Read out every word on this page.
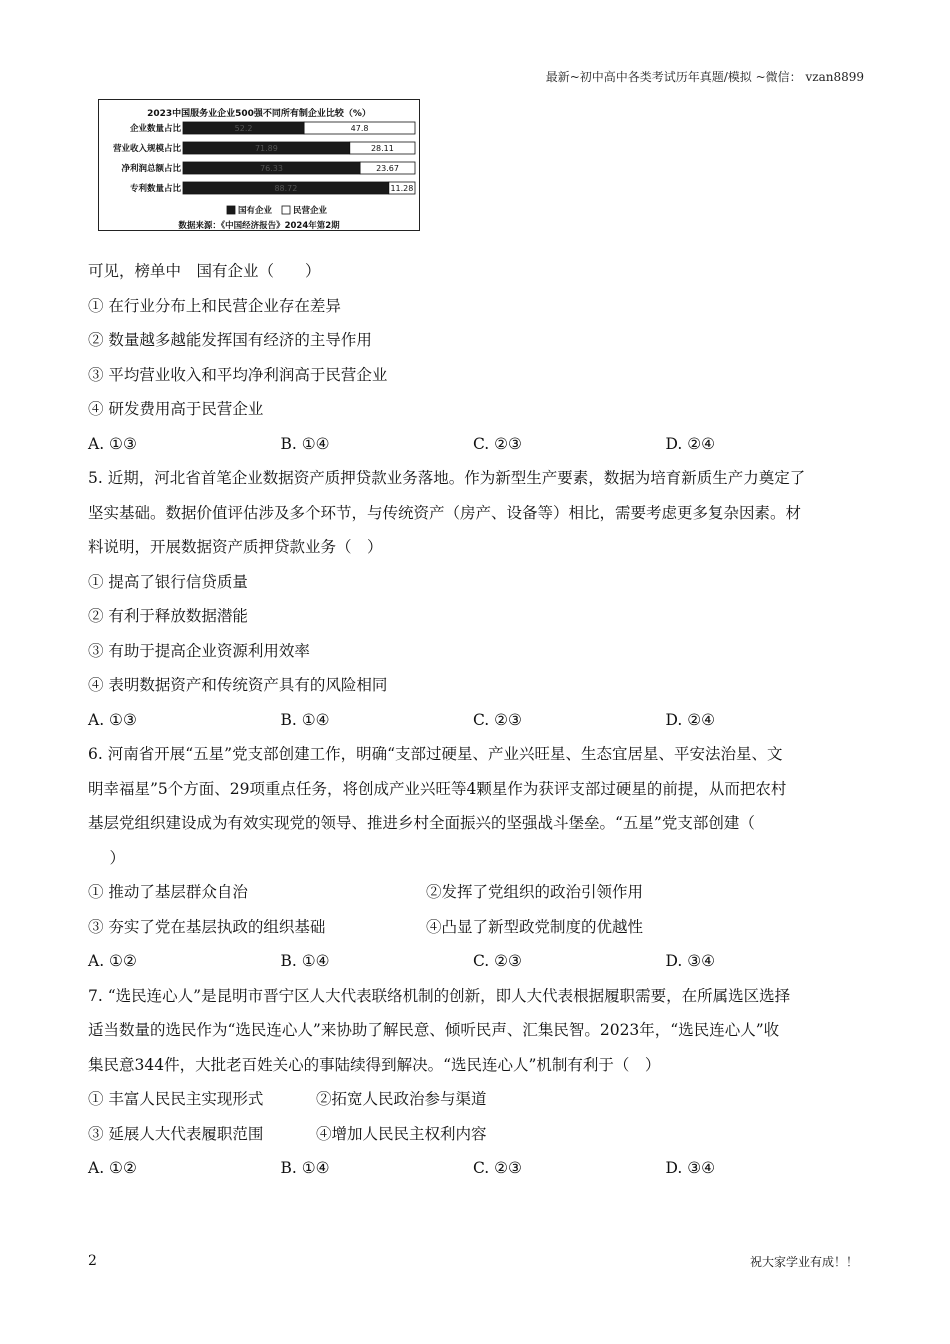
最新~初中高中各类考试历年真题/模拟 ~微信： vzan8899
2023中国服务业企业500强不同所有制企业比较（%）
企业数量占比	52.2	47.8
营业收入规模占比	71.89	28.11
净利润总额占比	76.33	23.67
专利数量占比	88.72	11.28
国有企业 民营企业
数据来源：《中国经济报告》2024年第2期
可见，榜单中　国有企业（　　）
① 在行业分布上和民营企业存在差异
② 数量越多越能发挥国有经济的主导作用
③ 平均营业收入和平均净利润高于民营企业
④ 研发费用高于民营企业
A. ①③	B. ①④	C. ②③	D. ②④
5. 近期，河北省首笔企业数据资产质押贷款业务落地。作为新型生产要素，数据为培育新质生产力奠定了
坚实基础。数据价值评估涉及多个环节，与传统资产（房产、设备等）相比，需要考虑更多复杂因素。材
料说明，开展数据资产质押贷款业务（　）
① 提高了银行信贷质量
② 有利于释放数据潜能
③ 有助于提高企业资源利用效率
④ 表明数据资产和传统资产具有的风险相同
A. ①③	B. ①④	C. ②③	D. ②④
6. 河南省开展“五星”党支部创建工作，明确“支部过硬星、产业兴旺星、生态宜居星、平安法治星、文
明幸福星”5个方面、29项重点任务，将创成产业兴旺等4颗星作为获评支部过硬星的前提，从而把农村
基层党组织建设成为有效实现党的领导、推进乡村全面振兴的坚强战斗堡垒。“五星”党支部创建（
　）
① 推动了基层群众自治	②发挥了党组织的政治引领作用
③ 夯实了党在基层执政的组织基础	④凸显了新型政党制度的优越性
A. ①②	B. ①④	C. ②③	D. ③④
7. “选民连心人”是昆明市晋宁区人大代表联络机制的创新，即人大代表根据履职需要，在所属选区选择
适当数量的选民作为“选民连心人”来协助了解民意、倾听民声、汇集民智。2023年，“选民连心人”收
集民意344件，大批老百姓关心的事陆续得到解决。“选民连心人”机制有利于（　）
① 丰富人民民主实现形式	②拓宽人民政治参与渠道
③ 延展人大代表履职范围	④增加人民民主权利内容
A. ①②	B. ①④	C. ②③	D. ③④
2	祝大家学业有成！！
